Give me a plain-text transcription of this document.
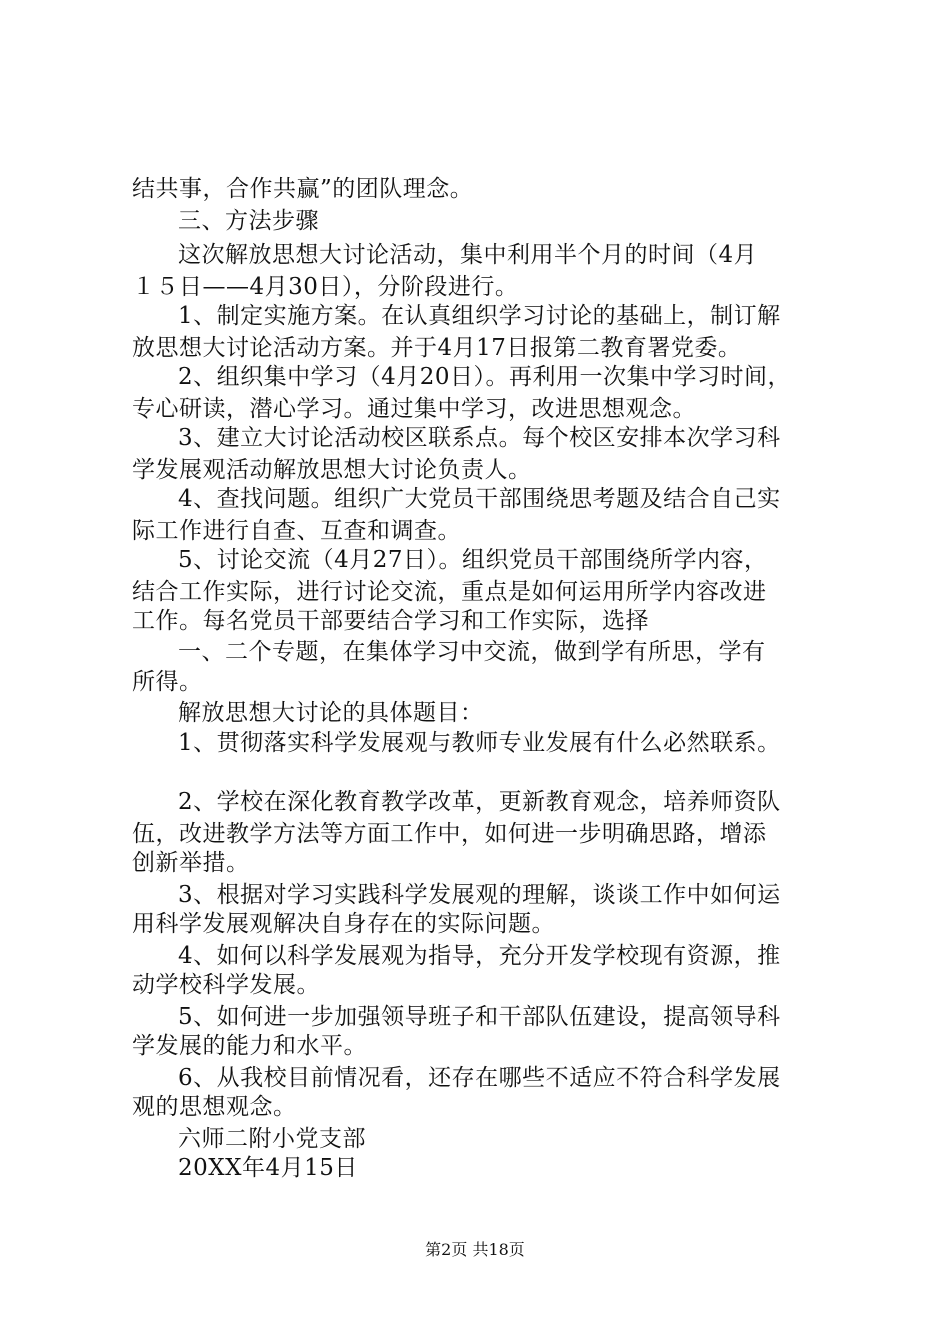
结共事，合作共赢”的团队理念。
三、方法步骤
这次解放思想大讨论活动，集中利用半个月的时间（4月
１５日——4月30日），分阶段进行。
1、制定实施方案。在认真组织学习讨论的基础上，制订解
放思想大讨论活动方案。并于4月17日报第二教育署党委。
2、组织集中学习（4月20日）。再利用一次集中学习时间，
专心研读，潜心学习。通过集中学习，改进思想观念。
3、建立大讨论活动校区联系点。每个校区安排本次学习科
学发展观活动解放思想大讨论负责人。
4、查找问题。组织广大党员干部围绕思考题及结合自己实
际工作进行自查、互查和调查。
5、讨论交流（4月27日）。组织党员干部围绕所学内容，
结合工作实际，进行讨论交流，重点是如何运用所学内容改进
工作。每名党员干部要结合学习和工作实际，选择
一、二个专题，在集体学习中交流，做到学有所思，学有
所得。
解放思想大讨论的具体题目：
1、贯彻落实科学发展观与教师专业发展有什么必然联系。
2、学校在深化教育教学改革，更新教育观念，培养师资队
伍，改进教学方法等方面工作中，如何进一步明确思路，增添
创新举措。
3、根据对学习实践科学发展观的理解，谈谈工作中如何运
用科学发展观解决自身存在的实际问题。
4、如何以科学发展观为指导，充分开发学校现有资源，推
动学校科学发展。
5、如何进一步加强领导班子和干部队伍建设，提高领导科
学发展的能力和水平。
6、从我校目前情况看，还存在哪些不适应不符合科学发展
观的思想观念。
六师二附小党支部
20XX年4月15日
第2页 共18页
